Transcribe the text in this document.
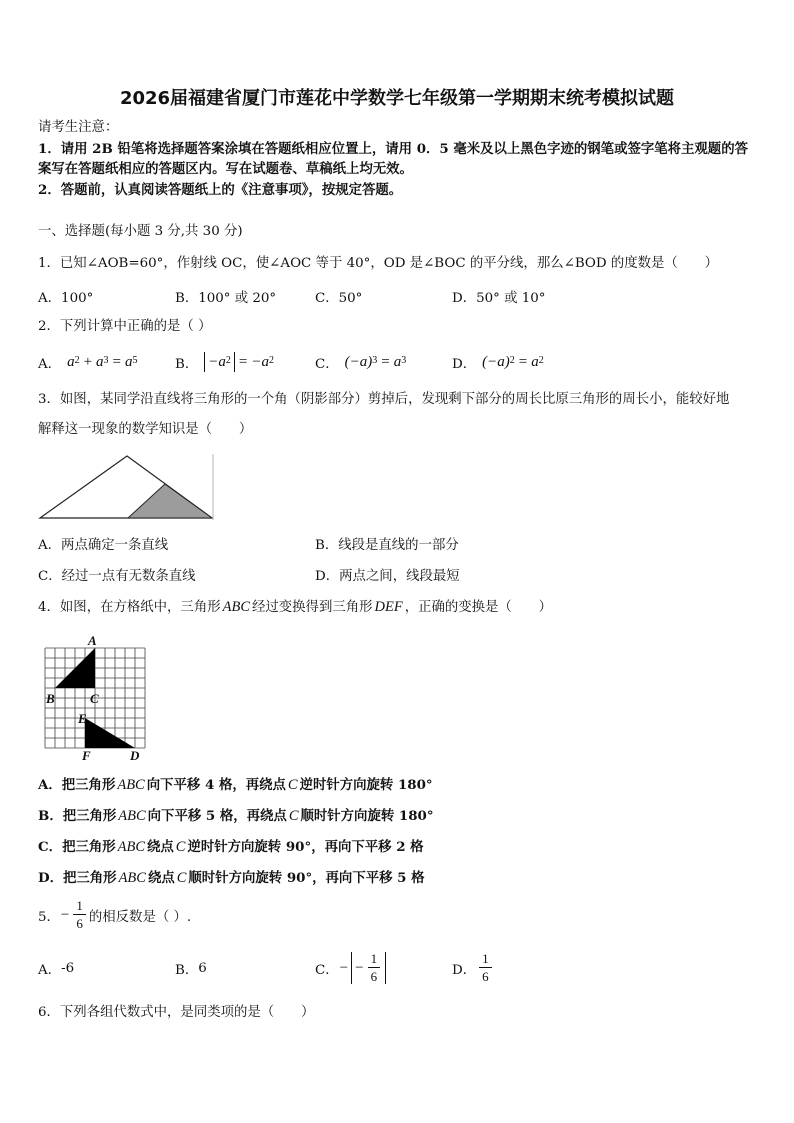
2026届福建省厦门市莲花中学数学七年级第一学期期末统考模拟试题
请考生注意：
1．请用 2B 铅笔将选择题答案涂填在答题纸相应位置上，请用 0．5 毫米及以上黑色字迹的钢笔或签字笔将主观题的答
案写在答题纸相应的答题区内。写在试题卷、草稿纸上均无效。
2．答题前，认真阅读答题纸上的《注意事项》，按规定答题。
一、选择题(每小题 3 分,共 30 分)
1．已知∠AOB=60°，作射线 OC，使∠AOC 等于 40°，OD 是∠BOC 的平分线，那么∠BOD 的度数是（　　）
A．100°	B．100° 或 20°	C．50°	D．50° 或 10°
2．下列计算中正确的是（ ）
A． $a^2 + a^3 = a^5$	B． $-a^2 = -a^2$	C． $(-a)^3 = a^3$	D． $(-a)^2 = a^2$
3．如图，某同学沿直线将三角形的一个角（阴影部分）剪掉后，发现剩下部分的周长比原三角形的周长小，能较好地
解释这一现象的数学知识是（　　）
A．两点确定一条直线	B．线段是直线的一部分
C．经过一点有无数条直线	D．两点之间，线段最短
4．如图，在方格纸中，三角形 ABC 经过变换得到三角形 DEF ，正确的变换是（　　）
A
B	C
E
F	D
A．把三角形 ABC 向下平移 4 格，再绕点 C 逆时针方向旋转 180°
B．把三角形 ABC 向下平移 5 格，再绕点 C 顺时针方向旋转 180°
C．把三角形 ABC 绕点 C 逆时针方向旋转 90°，再向下平移 2 格
D．把三角形 ABC 绕点 C 顺时针方向旋转 90°，再向下平移 5 格
5． − $\frac{1}{6}$ 的相反数是（ ）.
A． -6	B． 6	C． − − $\frac{1}{6}$	D． $\frac{1}{6}$
6．下列各组代数式中，是同类项的是（　　）
